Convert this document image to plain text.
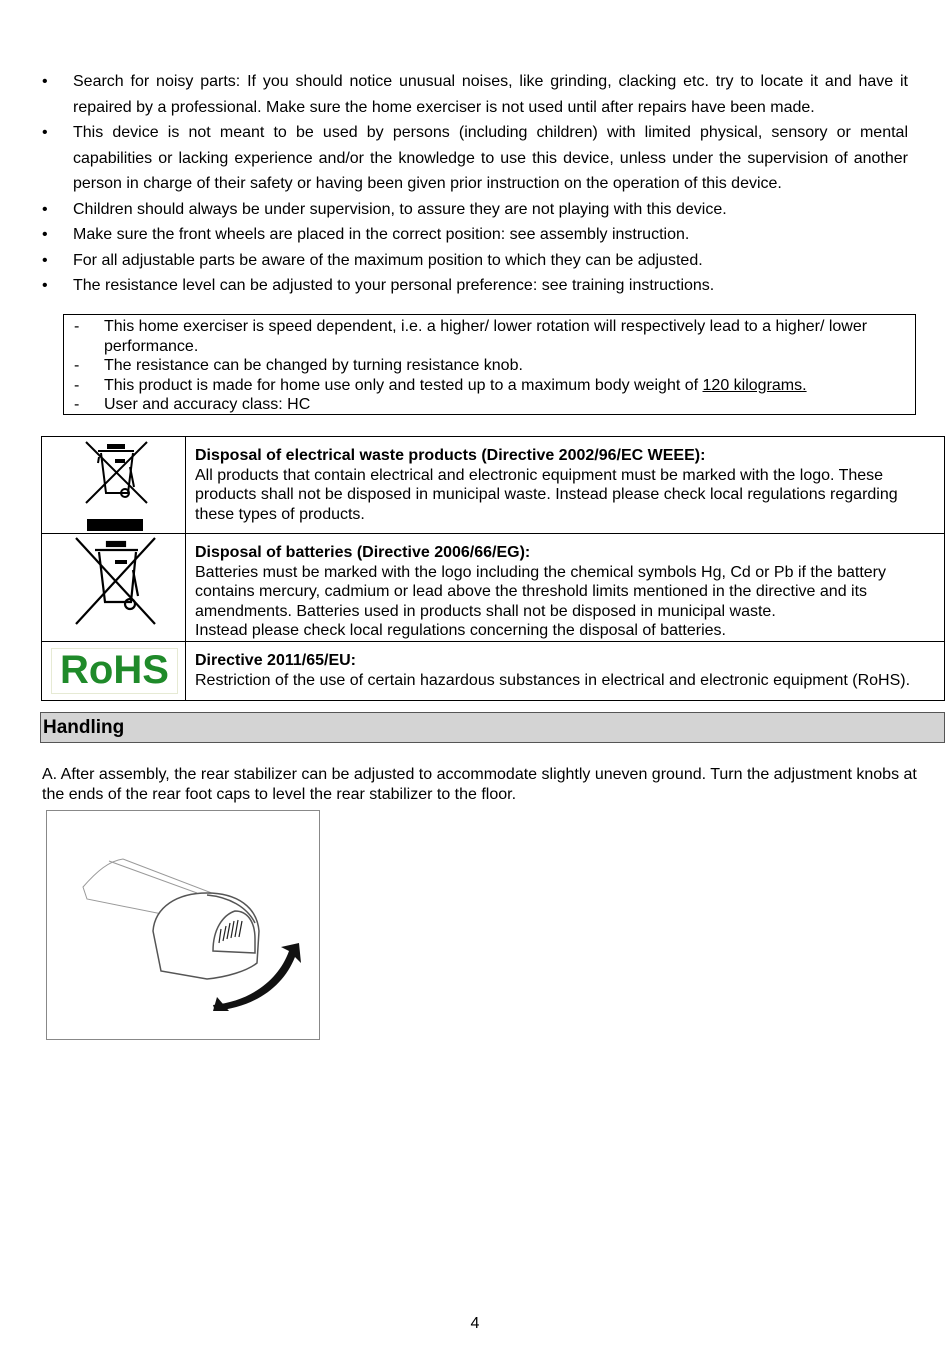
• Search for noisy parts: If you should notice unusual noises, like grinding, clacking etc. try to locate it and have it repaired by a professional. Make sure the home exerciser is not used until after repairs have been made.
• This device is not meant to be used by persons (including children) with limited physical, sensory or mental capabilities or lacking experience and/or the knowledge to use this device, unless under the supervision of another person in charge of their safety or having been given prior instruction on the operation of this device.
• Children should always be under supervision, to assure they are not playing with this device.
• Make sure the front wheels are placed in the correct position: see assembly instruction.
• For all adjustable parts be aware of the maximum position to which they can be adjusted.
• The resistance level can be adjusted to your personal preference: see training instructions.
- This home exerciser is speed dependent, i.e. a higher/ lower rotation will respectively lead to a higher/ lower performance.
- The resistance can be changed by turning resistance knob.
- This product is made for home use only and tested up to a maximum body weight of 120 kilograms.
- User and accuracy class: HC

Disposal of electrical waste products (Directive 2002/96/EC WEEE):
All products that contain electrical and electronic equipment must be marked with the logo. These products shall not be disposed in municipal waste. Instead please check local regulations regarding these types of products.

Disposal of batteries (Directive 2006/66/EG):
Batteries must be marked with the logo including the chemical symbols Hg, Cd or Pb if the battery contains mercury, cadmium or lead above the threshold limits mentioned in the directive and its amendments. Batteries used in products shall not be disposed in municipal waste.
Instead please check local regulations concerning the disposal of batteries.

RoHS	Directive 2011/65/EU:
Restriction of the use of certain hazardous substances in electrical and electronic equipment (RoHS).
Handling

A. After assembly, the rear stabilizer can be adjusted to accommodate slightly uneven ground. Turn the adjustment knobs at the ends of the rear foot caps to level the rear stabilizer to the floor.

4
